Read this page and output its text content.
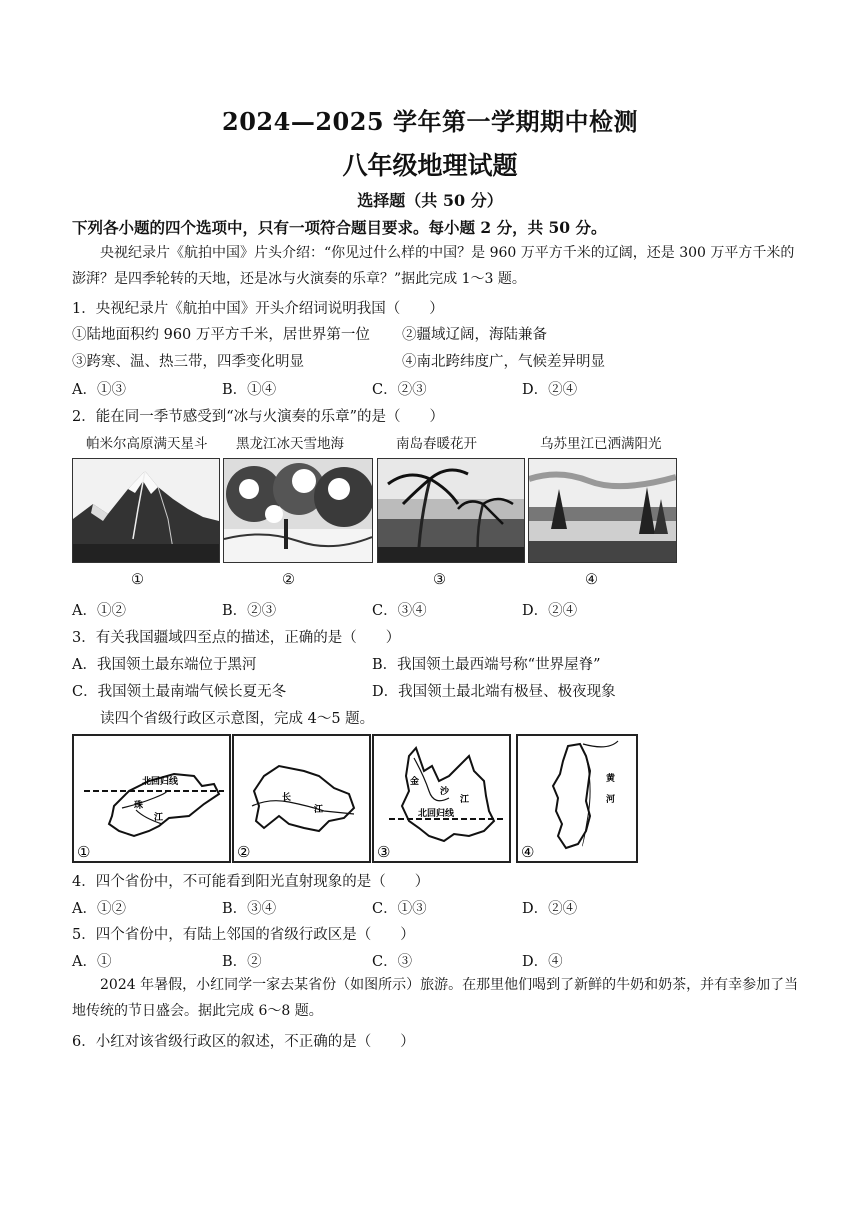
2024—2025 学年第一学期期中检测
八年级地理试题
选择题（共 50 分）
下列各小题的四个选项中，只有一项符合题目要求。每小题 2 分，共 50 分。
央视纪录片《航拍中国》片头介绍：“你见过什么样的中国？是 960 万平方千米的辽阔，还是 300 万平方千米的澎湃？是四季轮转的天地，还是冰与火演奏的乐章？”据此完成 1～3 题。
1．央视纪录片《航拍中国》开头介绍词说明我国（　　）
①陆地面积约 960 万平方千米，居世界第一位 ②疆域辽阔，海陆兼备
③跨寒、温、热三带，四季变化明显	④南北跨纬度广，气候差异明显
A．①③	B．①④	C．②③	D．②④
2．能在同一季节感受到“冰与火演奏的乐章”的是（　　）
帕米尔高原满天星斗 黑龙江冰天雪地海	南岛春暖花开	乌苏里江已洒满阳光
①	②	③	④
A．①②	B．②③	C．③④	D．②④
3．有关我国疆域四至点的描述，正确的是（　　）
A．我国领土最东端位于黑河	B．我国领土最西端号称“世界屋脊”
C．我国领土最南端气候长夏无冬	D．我国领土最北端有极昼、极夜现象
读四个省级行政区示意图，完成 4～5 题。
北回归线
珠
江
①
长
江
②
金
沙
江
北回归线
③
黄
河
④
4．四个省份中，不可能看到阳光直射现象的是（　　）
A．①②	B．③④	C．①③	D．②④
5．四个省份中，有陆上邻国的省级行政区是（　　）
A．①	B．②	C．③	D．④
2024 年暑假，小红同学一家去某省份（如图所示）旅游。在那里他们喝到了新鲜的牛奶和奶茶，并有幸参加了当地传统的节日盛会。据此完成 6～8 题。
6．小红对该省级行政区的叙述，不正确的是（　　）
